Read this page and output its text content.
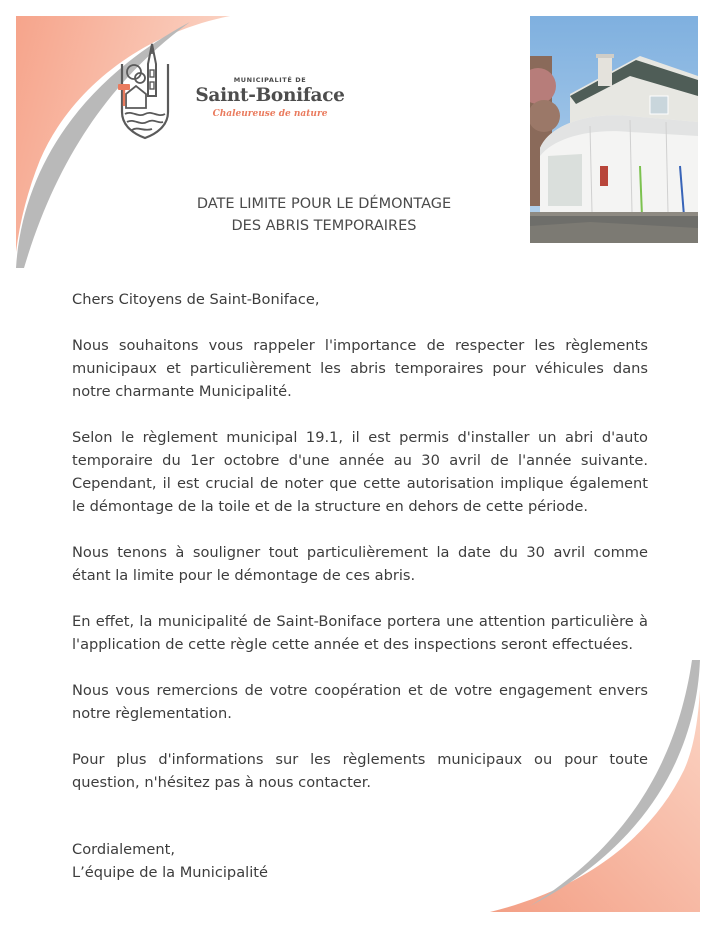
MUNICIPALITÉ DE
Saint-Boniface
Chaleureuse de nature
DATE LIMITE POUR LE DÉMONTAGE
DES ABRIS TEMPORAIRES

Chers Citoyens de Saint-Boniface,

Nous souhaitons vous rappeler l'importance de respecter les règlements municipaux et particulièrement les abris temporaires pour véhicules dans notre charmante Municipalité.

Selon le règlement municipal 19.1, il est permis d'installer un abri d'auto temporaire du 1er octobre d'une année au 30 avril de l'année suivante. Cependant, il est crucial de noter que cette autorisation implique également le démontage de la toile et de la structure en dehors de cette période.

Nous tenons à souligner tout particulièrement la date du 30 avril comme étant la limite pour le démontage de ces abris.

En effet, la municipalité de Saint-Boniface portera une attention particulière à l'application de cette règle cette année et des inspections seront effectuées.

Nous vous remercions de votre coopération et de votre engagement envers notre règlementation.

Pour plus d'informations sur les règlements municipaux ou pour toute question, n'hésitez pas à nous contacter.

Cordialement,
L’équipe de la Municipalité
